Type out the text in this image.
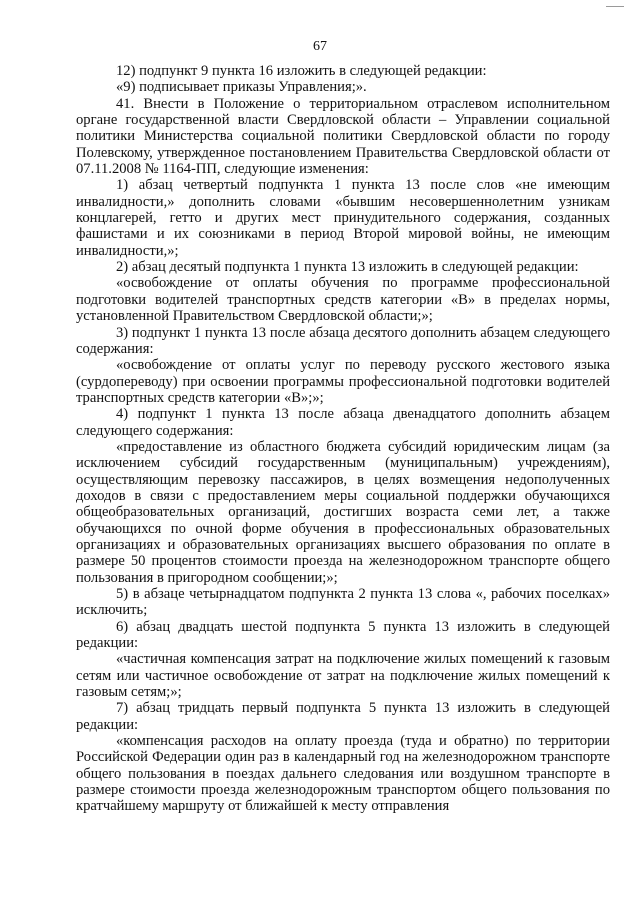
67

12) подпункт 9 пункта 16 изложить в следующей редакции:

«9) подписывает приказы Управления;».

41. Внести в Положение о территориальном отраслевом исполнительном органе государственной власти Свердловской области – Управлении социальной политики Министерства социальной политики Свердловской области по городу Полевскому, утвержденное постановлением Правительства Свердловской области от 07.11.2008 № 1164-ПП, следующие изменения:

1) абзац четвертый подпункта 1 пункта 13 после слов «не имеющим инвалидности,» дополнить словами «бывшим несовершеннолетним узникам концлагерей, гетто и других мест принудительного содержания, созданных фашистами и их союзниками в период Второй мировой войны, не имеющим инвалидности,»;

2) абзац десятый подпункта 1 пункта 13 изложить в следующей редакции:

«освобождение от оплаты обучения по программе профессиональной подготовки водителей транспортных средств категории «В» в пределах нормы, установленной Правительством Свердловской области;»;

3) подпункт 1 пункта 13 после абзаца десятого дополнить абзацем следующего содержания:

«освобождение от оплаты услуг по переводу русского жестового языка (сурдопереводу) при освоении программы профессиональной подготовки водителей транспортных средств категории «В»;»;

4) подпункт 1 пункта 13 после абзаца двенадцатого дополнить абзацем следующего содержания:

«предоставление из областного бюджета субсидий юридическим лицам (за исключением субсидий государственным (муниципальным) учреждениям), осуществляющим перевозку пассажиров, в целях возмещения недополученных доходов в связи с предоставлением меры социальной поддержки обучающихся общеобразовательных организаций, достигших возраста семи лет, а также обучающихся по очной форме обучения в профессиональных образовательных организациях и образовательных организациях высшего образования по оплате в размере 50 процентов стоимости проезда на железнодорожном транспорте общего пользования в пригородном сообщении;»;

5) в абзаце четырнадцатом подпункта 2 пункта 13 слова «, рабочих поселках» исключить;

6) абзац двадцать шестой подпункта 5 пункта 13 изложить в следующей редакции:

«частичная компенсация затрат на подключение жилых помещений к газовым сетям или частичное освобождение от затрат на подключение жилых помещений к газовым сетям;»;

7) абзац тридцать первый подпункта 5 пункта 13 изложить в следующей редакции:

«компенсация расходов на оплату проезда (туда и обратно) по территории Российской Федерации один раз в календарный год на железнодорожном транспорте общего пользования в поездах дальнего следования или воздушном транспорте в размере стоимости проезда железнодорожным транспортом общего пользования по кратчайшему маршруту от ближайшей к месту отправления
